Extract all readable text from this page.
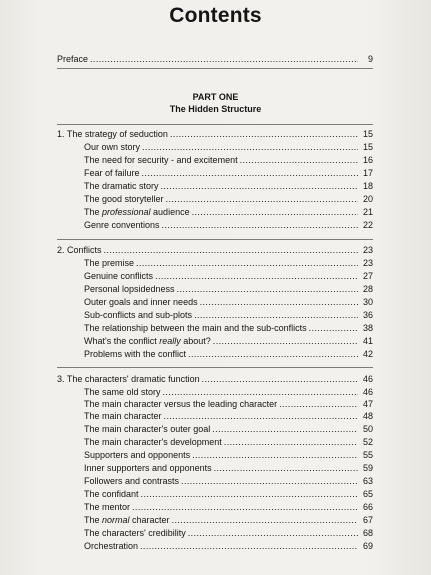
Contents
Preface .....	9
PART ONE
The Hidden Structure
1. The strategy of seduction .....	15
Our own story .....	15
The need for security - and excitement .....	16
Fear of failure .....	17
The dramatic story .....	18
The good storyteller .....	20
The professional audience .....	21
Genre conventions .....	22
2. Conflicts .....	23
The premise .....	23
Genuine conflicts .....	27
Personal lopsidedness .....	28
Outer goals and inner needs .....	30
Sub-conflicts and sub-plots .....	36
The relationship between the main and the sub-conflicts .....	38
What's the conflict really about? .....	41
Problems with the conflict .....	42
3. The characters' dramatic function .....	46
The same old story .....	46
The main character versus the leading character .....	47
The main character .....	48
The main character's outer goal .....	50
The main character's development .....	52
Supporters and opponents .....	55
Inner supporters and opponents .....	59
Followers and contrasts .....	63
The confidant .....	65
The mentor .....	66
The normal character .....	67
The characters' credibility .....	68
Orchestration .....	69
